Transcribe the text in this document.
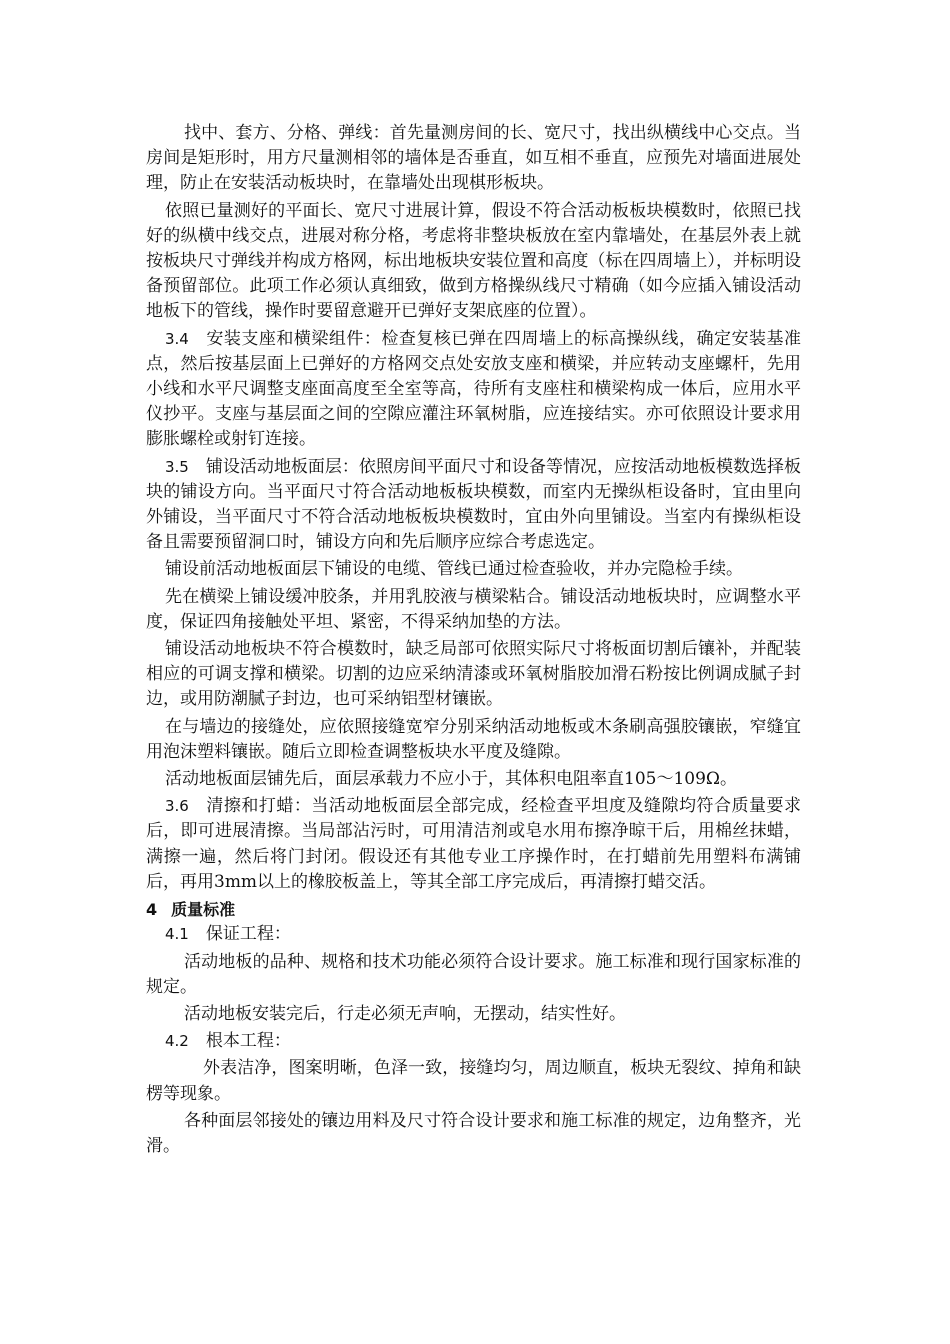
找中、套方、分格、弹线：首先量测房间的长、宽尺寸，找出纵横线中心交点。当房间是矩形时，用方尺量测相邻的墙体是否垂直，如互相不垂直，应预先对墙面进展处理，防止在安装活动板块时，在靠墙处出现棋形板块。

依照已量测好的平面长、宽尺寸进展计算，假设不符合活动板板块模数时，依照已找好的纵横中线交点，进展对称分格，考虑将非整块板放在室内靠墙处，在基层外表上就按板块尺寸弹线并构成方格网，标出地板块安装位置和高度（标在四周墙上），并标明设备预留部位。此项工作必须认真细致，做到方格操纵线尺寸精确（如今应插入铺设活动地板下的管线，操作时要留意避开已弹好支架底座的位置）。

3.4 安装支座和横梁组件：检查复核已弹在四周墙上的标高操纵线，确定安装基准点，然后按基层面上已弹好的方格网交点处安放支座和横梁，并应转动支座螺杆，先用小线和水平尺调整支座面高度至全室等高，待所有支座柱和横梁构成一体后，应用水平仪抄平。支座与基层面之间的空隙应灌注环氧树脂，应连接结实。亦可依照设计要求用膨胀螺栓或射钉连接。

3.5 铺设活动地板面层：依照房间平面尺寸和设备等情况，应按活动地板模数选择板块的铺设方向。当平面尺寸符合活动地板板块模数，而室内无操纵柜设备时，宜由里向外铺设，当平面尺寸不符合活动地板板块模数时，宜由外向里铺设。当室内有操纵柜设备且需要预留洞口时，铺设方向和先后顺序应综合考虑选定。

铺设前活动地板面层下铺设的电缆、管线已通过检查验收，并办完隐检手续。

先在横梁上铺设缓冲胶条，并用乳胶液与横梁粘合。铺设活动地板块时，应调整水平度，保证四角接触处平坦、紧密，不得采纳加垫的方法。

铺设活动地板块不符合模数时，缺乏局部可依照实际尺寸将板面切割后镶补，并配装相应的可调支撑和横梁。切割的边应采纳清漆或环氧树脂胶加滑石粉按比例调成腻子封边，或用防潮腻子封边，也可采纳铝型材镶嵌。

在与墙边的接缝处，应依照接缝宽窄分别采纳活动地板或木条刷高强胶镶嵌，窄缝宜用泡沫塑料镶嵌。随后立即检查调整板块水平度及缝隙。

活动地板面层铺先后，面层承载力不应小于，其体积电阻率直105～109Ω。

3.6 清擦和打蜡：当活动地板面层全部完成，经检查平坦度及缝隙均符合质量要求后，即可进展清擦。当局部沾污时，可用清洁剂或皂水用布擦净晾干后，用棉丝抹蜡，满擦一遍，然后将门封闭。假设还有其他专业工序操作时，在打蜡前先用塑料布满铺后，再用3mm以上的橡胶板盖上，等其全部工序完成后，再清擦打蜡交活。

4 质量标准

4.1 保证工程：

活动地板的品种、规格和技术功能必须符合设计要求。施工标准和现行国家标准的规定。

活动地板安装完后，行走必须无声响，无摆动，结实性好。

4.2 根本工程：

外表洁净，图案明晰，色泽一致，接缝均匀，周边顺直，板块无裂纹、掉角和缺楞等现象。

各种面层邻接处的镶边用料及尺寸符合设计要求和施工标准的规定，边角整齐，光滑。
